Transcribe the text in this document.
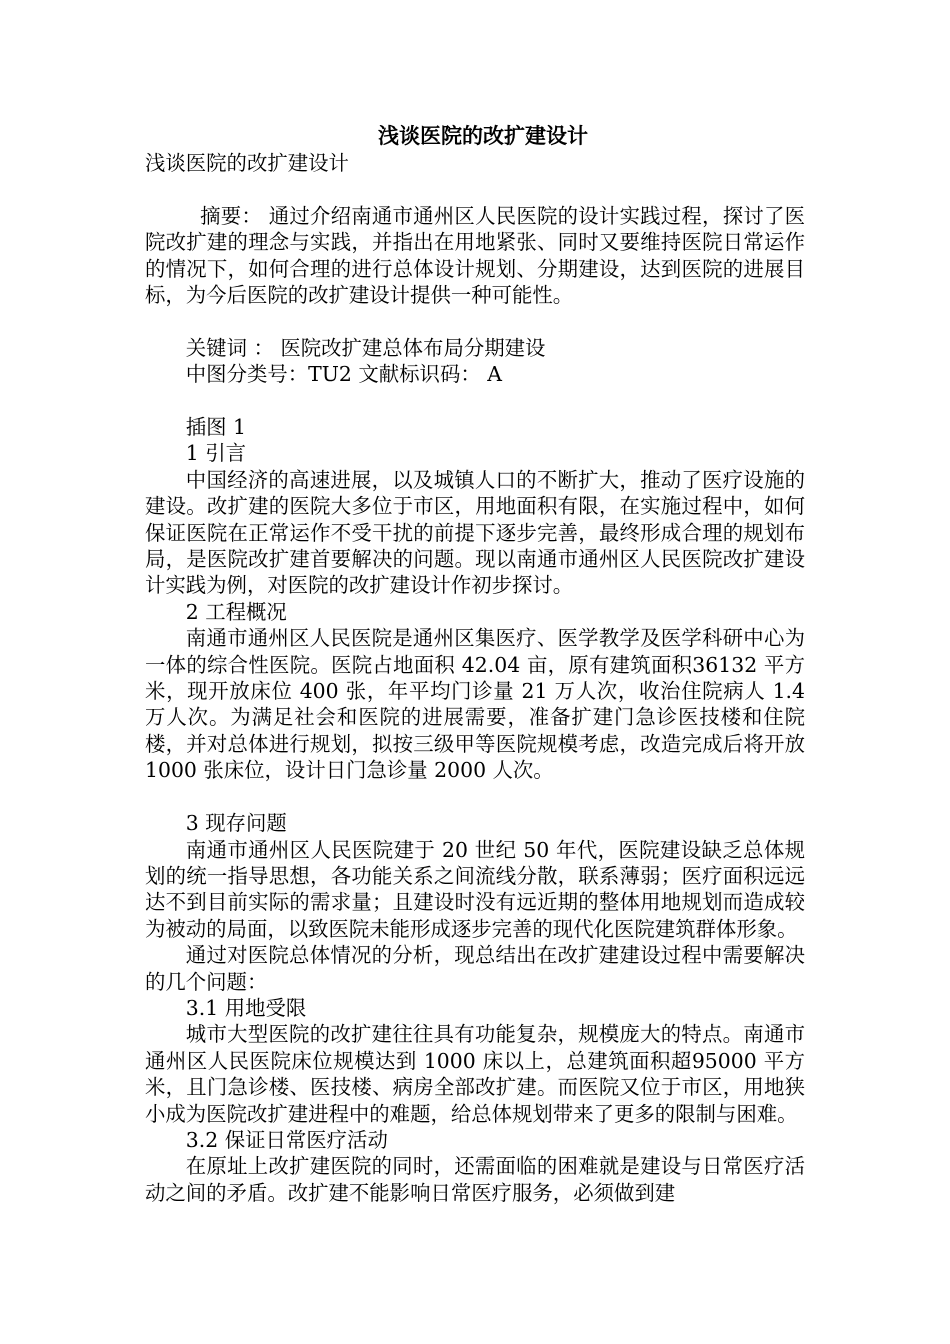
浅谈医院的改扩建设计
浅谈医院的改扩建设计

摘要： 通过介绍南通市通州区人民医院的设计实践过程，探讨了医院改扩建的理念与实践，并指出在用地紧张、同时又要维持医院日常运作的情况下，如何合理的进行总体设计规划、分期建设，达到医院的进展目标，为今后医院的改扩建设计提供一种可能性。

关键词 ： 医院改扩建总体布局分期建设

中图分类号：TU2 文献标识码： A

插图 1

1 引言

中国经济的高速进展，以及城镇人口的不断扩大，推动了医疗设施的建设。改扩建的医院大多位于市区，用地面积有限，在实施过程中，如何保证医院在正常运作不受干扰的前提下逐步完善，最终形成合理的规划布局，是医院改扩建首要解决的问题。现以南通市通州区人民医院改扩建设计实践为例，对医院的改扩建设计作初步探讨。

2 工程概况

南通市通州区人民医院是通州区集医疗、医学教学及医学科研中心为一体的综合性医院。医院占地面积 42.04 亩，原有建筑面积36132 平方米，现开放床位 400 张，年平均门诊量 21 万人次，收治住院病人 1.4 万人次。为满足社会和医院的进展需要，准备扩建门急诊医技楼和住院楼，并对总体进行规划，拟按三级甲等医院规模考虑，改造完成后将开放 1000 张床位，设计日门急诊量 2000 人次。

3 现存问题

南通市通州区人民医院建于 20 世纪 50 年代，医院建设缺乏总体规划的统一指导思想，各功能关系之间流线分散，联系薄弱；医疗面积远远达不到目前实际的需求量；且建设时没有远近期的整体用地规划而造成较为被动的局面，以致医院未能形成逐步完善的现代化医院建筑群体形象。

通过对医院总体情况的分析，现总结出在改扩建建设过程中需要解决的几个问题：

3.1 用地受限

城市大型医院的改扩建往往具有功能复杂，规模庞大的特点。南通市通州区人民医院床位规模达到 1000 床以上，总建筑面积超95000 平方米，且门急诊楼、医技楼、病房全部改扩建。而医院又位于市区，用地狭小成为医院改扩建进程中的难题，给总体规划带来了更多的限制与困难。

3.2 保证日常医疗活动

在原址上改扩建医院的同时，还需面临的困难就是建设与日常医疗活动之间的矛盾。改扩建不能影响日常医疗服务，必须做到建
